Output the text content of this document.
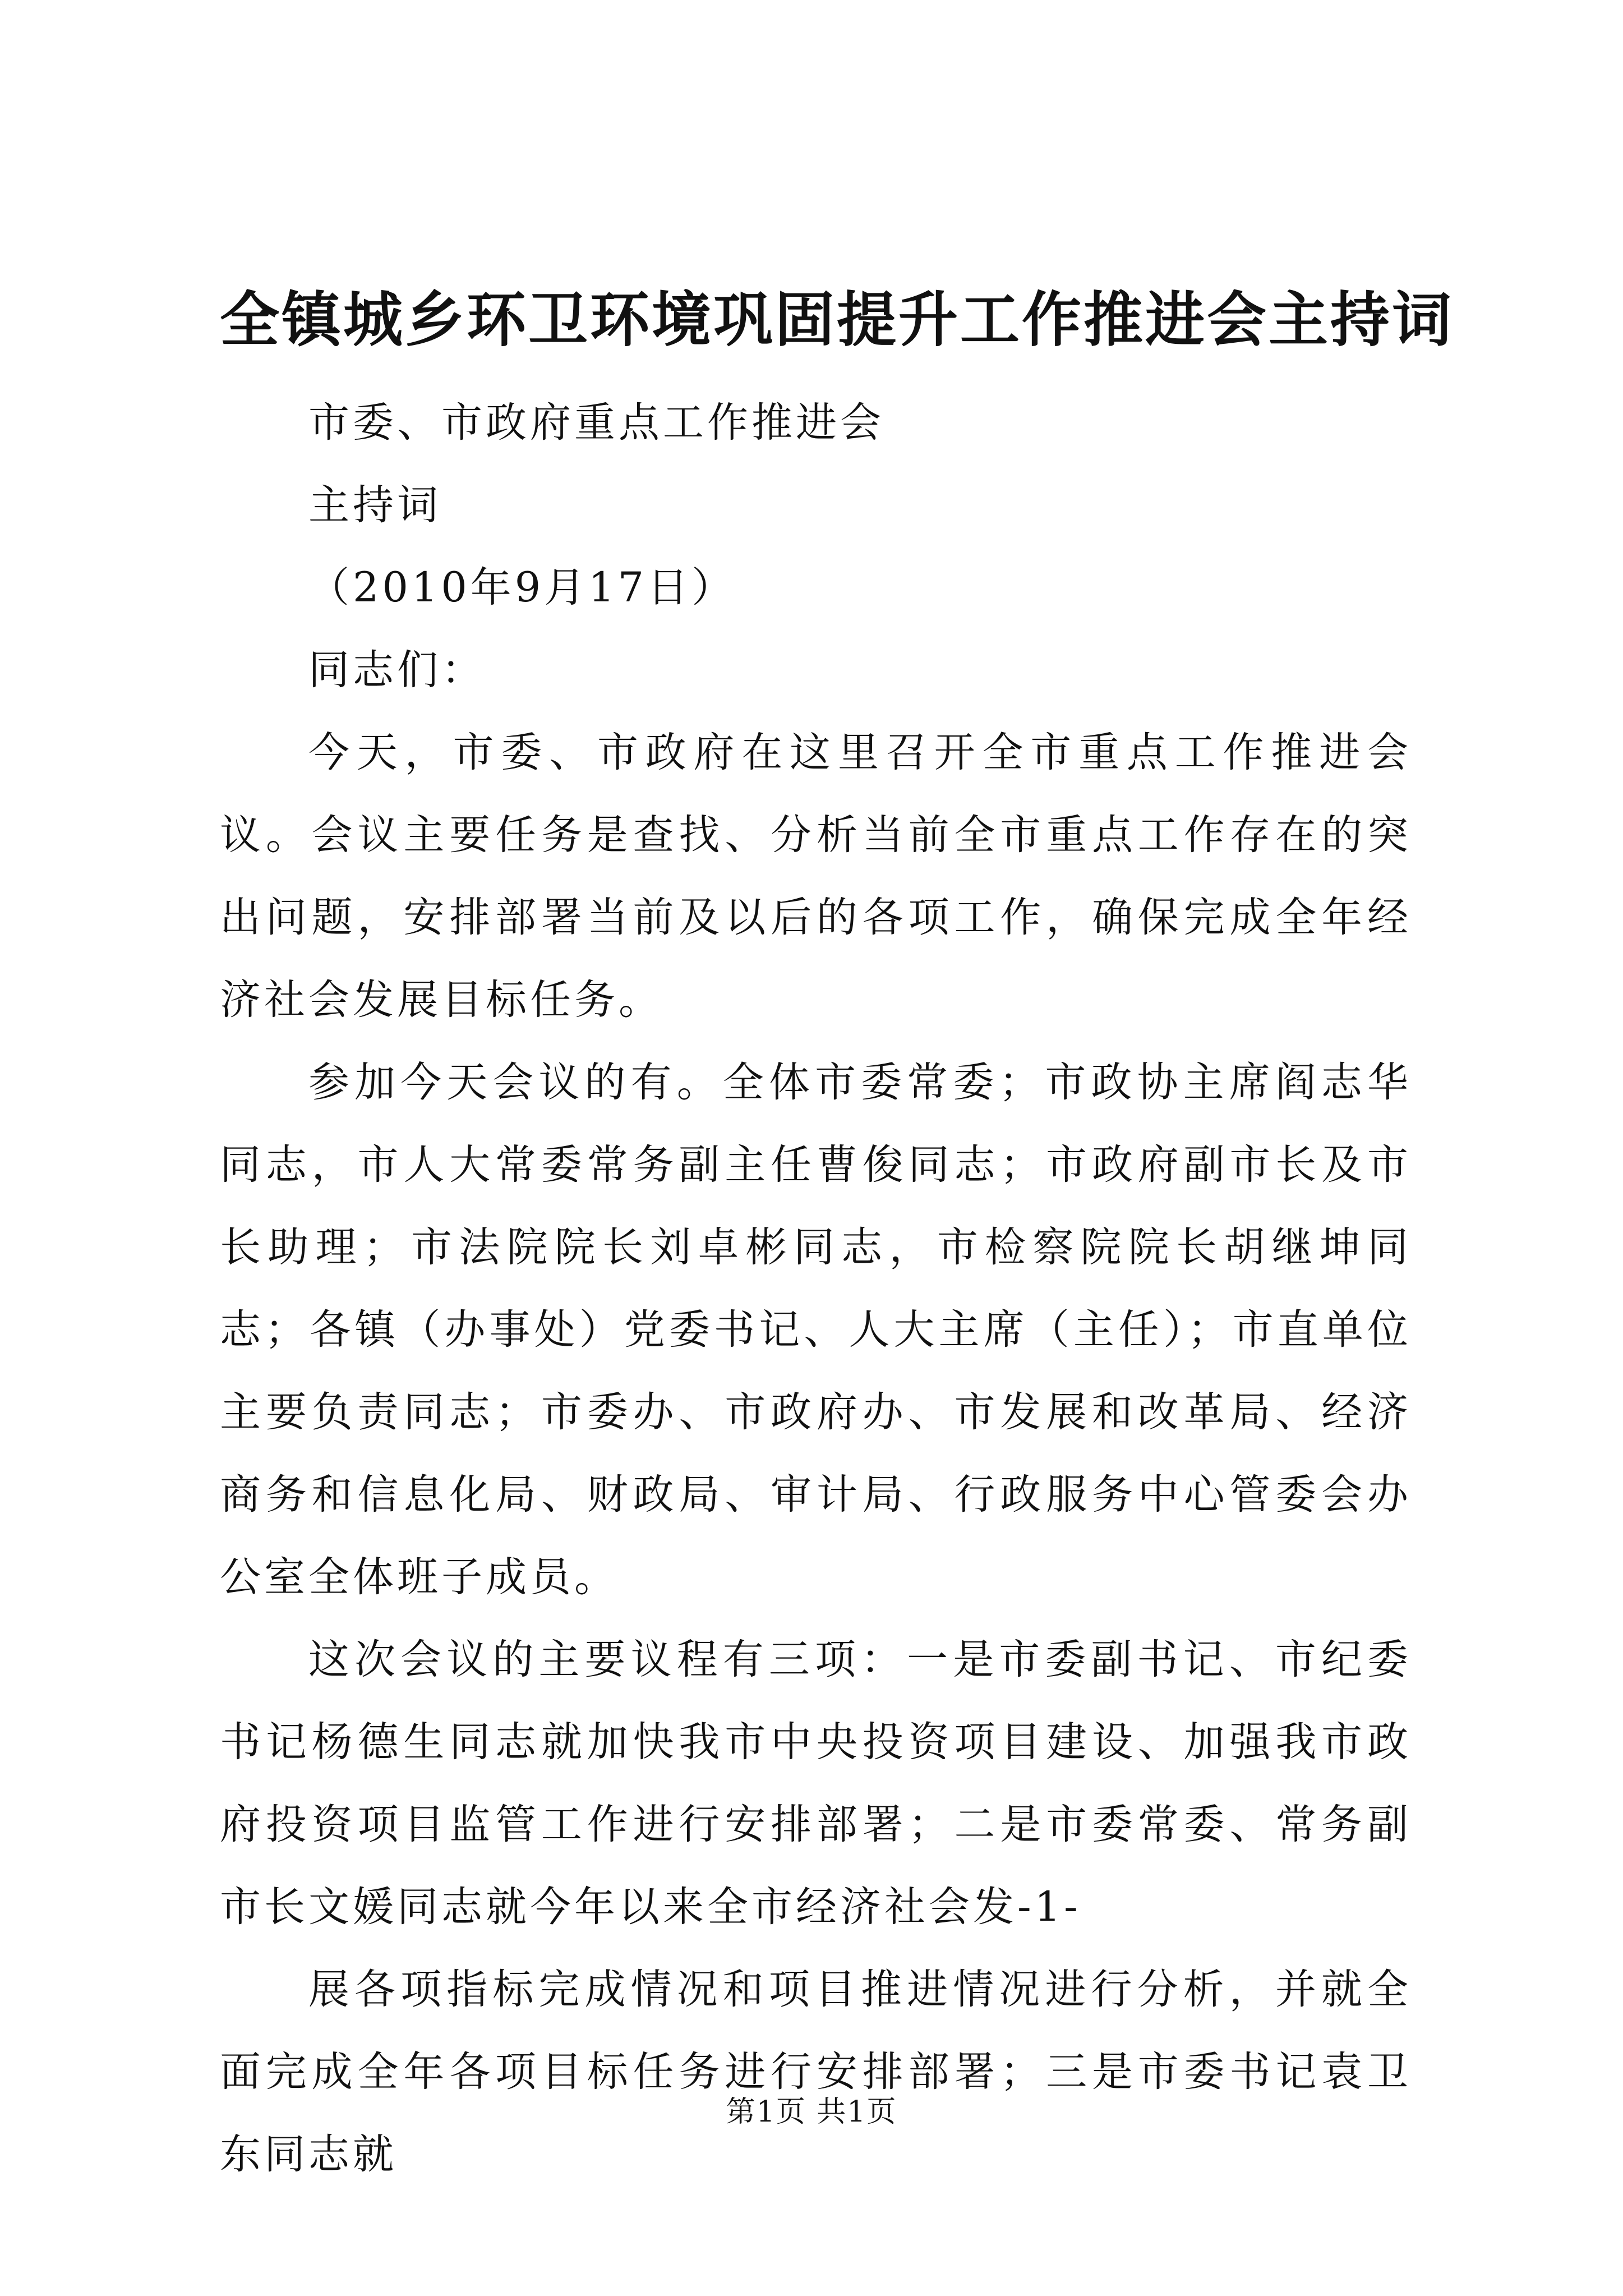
全镇城乡环卫环境巩固提升工作推进会主持词

市委、市政府重点工作推进会

主持词

（2010年9月17日）

同志们：

今天，市委、市政府在这里召开全市重点工作推进会议。会议主要任务是查找、分析当前全市重点工作存在的突出问题，安排部署当前及以后的各项工作，确保完成全年经济社会发展目标任务。

参加今天会议的有。全体市委常委；市政协主席阎志华同志，市人大常委常务副主任曹俊同志；市政府副市长及市长助理；市法院院长刘卓彬同志，市检察院院长胡继坤同志；各镇（办事处）党委书记、人大主席（主任）；市直单位主要负责同志；市委办、市政府办、市发展和改革局、经济商务和信息化局、财政局、审计局、行政服务中心管委会办公室全体班子成员。

这次会议的主要议程有三项：一是市委副书记、市纪委书记杨德生同志就加快我市中央投资项目建设、加强我市政府投资项目监管工作进行安排部署；二是市委常委、常务副市长文媛同志就今年以来全市经济社会发-1-

展各项指标完成情况和项目推进情况进行分析，并就全面完成全年各项目标任务进行安排部署；三是市委书记袁卫东同志就

第1页 共1页
